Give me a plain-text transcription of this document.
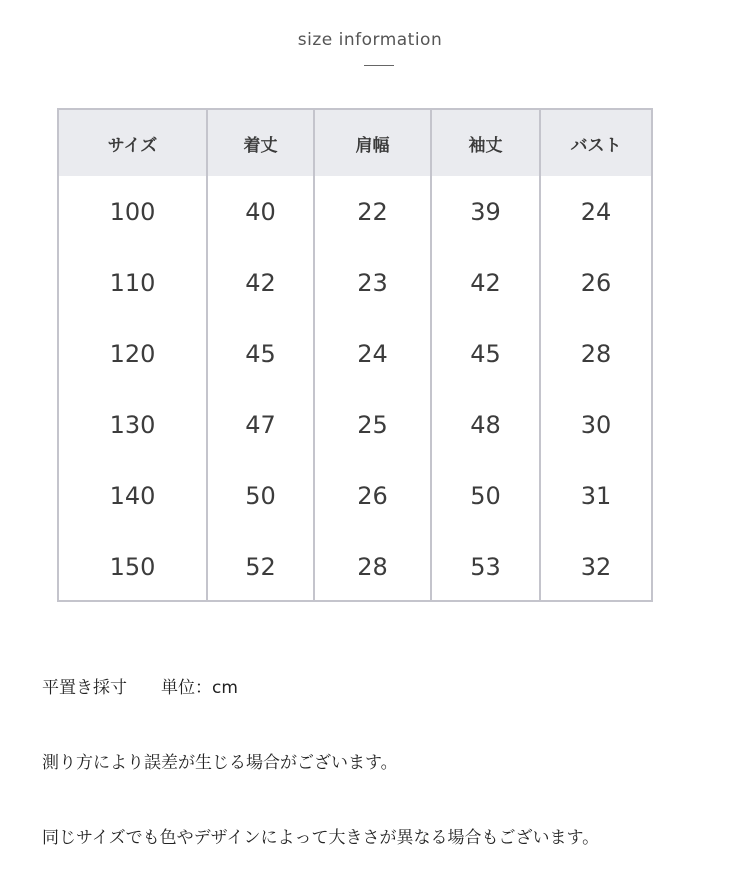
size information
サイズ	着丈	肩幅	袖丈	バスト
100	40	22	39	24
110	42	23	42	26
120	45	24	45	28
130	47	25	48	30
140	50	26	50	31
150	52	28	53	32

平置き採寸　　単位：cm

測り方により誤差が生じる場合がございます。

同じサイズでも色やデザインによって大きさが異なる場合もございます。
